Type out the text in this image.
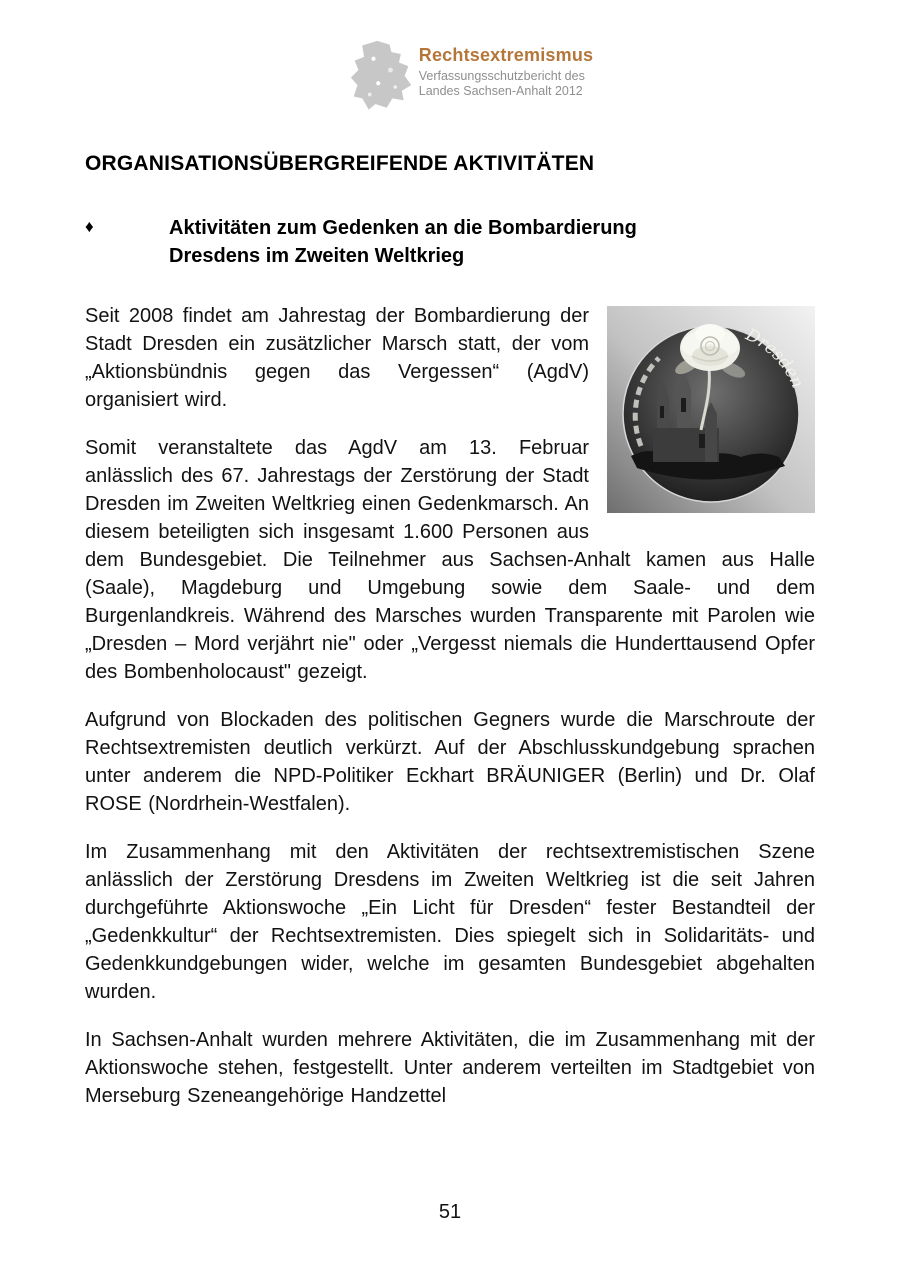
Rechtsextremismus
Verfassungsschutzbericht des
Landes Sachsen-Anhalt 2012
ORGANISATIONSÜBERGREIFENDE AKTIVITÄTEN
♦	Aktivitäten zum Gedenken an die Bombardierung Dresdens im Zweiten Weltkrieg
Dresden

Seit 2008 findet am Jahrestag der Bombardierung der Stadt Dresden ein zusätzlicher Marsch statt, der vom „Aktionsbündnis gegen das Vergessen“ (AgdV) organisiert wird.

Somit veranstaltete das AgdV am 13. Februar anlässlich des 67. Jahrestags der Zerstörung der Stadt Dresden im Zweiten Weltkrieg einen Gedenkmarsch. An diesem beteiligten sich insgesamt 1.600 Personen aus dem Bundesgebiet. Die Teilnehmer aus Sachsen-Anhalt kamen aus Halle (Saale), Magdeburg und Umgebung sowie dem Saale- und dem Burgenlandkreis. Während des Marsches wurden Transparente mit Parolen wie „Dresden – Mord verjährt nie" oder „Vergesst niemals die Hunderttausend Opfer des Bombenholocaust" gezeigt.

Aufgrund von Blockaden des politischen Gegners wurde die Marschroute der Rechtsextremisten deutlich verkürzt. Auf der Abschlusskundgebung sprachen unter anderem die NPD-Politiker Eckhart BRÄUNIGER (Berlin) und Dr. Olaf ROSE (Nordrhein-Westfalen).

Im Zusammenhang mit den Aktivitäten der rechtsextremistischen Szene anlässlich der Zerstörung Dresdens im Zweiten Weltkrieg ist die seit Jahren durchgeführte Aktionswoche „Ein Licht für Dresden“ fester Bestandteil der „Gedenkkultur“ der Rechtsextremisten. Dies spiegelt sich in Solidaritäts- und Gedenkkundgebungen wider, welche im gesamten Bundesgebiet abgehalten wurden.

In Sachsen-Anhalt wurden mehrere Aktivitäten, die im Zusammenhang mit der Aktionswoche stehen, festgestellt. Unter anderem verteilten im Stadtgebiet von Merseburg Szeneangehörige Handzettel

51
